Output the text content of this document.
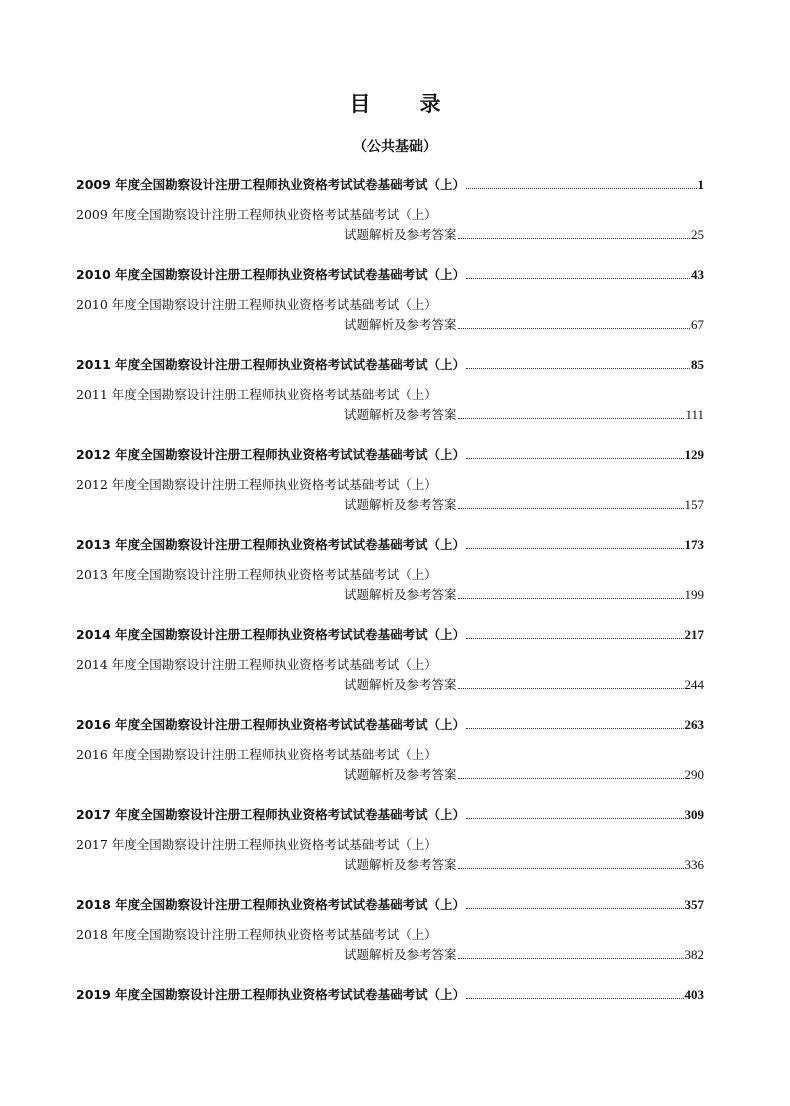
目　录
（公共基础）
2009 年度全国勘察设计注册工程师执业资格考试试卷基础考试（上）	1
2009 年度全国勘察设计注册工程师执业资格考试基础考试（上）
试题解析及参考答案	25
2010 年度全国勘察设计注册工程师执业资格考试试卷基础考试（上）	43
2010 年度全国勘察设计注册工程师执业资格考试基础考试（上）
试题解析及参考答案	67
2011 年度全国勘察设计注册工程师执业资格考试试卷基础考试（上）	85
2011 年度全国勘察设计注册工程师执业资格考试基础考试（上）
试题解析及参考答案	111
2012 年度全国勘察设计注册工程师执业资格考试试卷基础考试（上）	129
2012 年度全国勘察设计注册工程师执业资格考试基础考试（上）
试题解析及参考答案	157
2013 年度全国勘察设计注册工程师执业资格考试试卷基础考试（上）	173
2013 年度全国勘察设计注册工程师执业资格考试基础考试（上）
试题解析及参考答案	199
2014 年度全国勘察设计注册工程师执业资格考试试卷基础考试（上）	217
2014 年度全国勘察设计注册工程师执业资格考试基础考试（上）
试题解析及参考答案	244
2016 年度全国勘察设计注册工程师执业资格考试试卷基础考试（上）	263
2016 年度全国勘察设计注册工程师执业资格考试基础考试（上）
试题解析及参考答案	290
2017 年度全国勘察设计注册工程师执业资格考试试卷基础考试（上）	309
2017 年度全国勘察设计注册工程师执业资格考试基础考试（上）
试题解析及参考答案	336
2018 年度全国勘察设计注册工程师执业资格考试试卷基础考试（上）	357
2018 年度全国勘察设计注册工程师执业资格考试基础考试（上）
试题解析及参考答案	382
2019 年度全国勘察设计注册工程师执业资格考试试卷基础考试（上）	403
